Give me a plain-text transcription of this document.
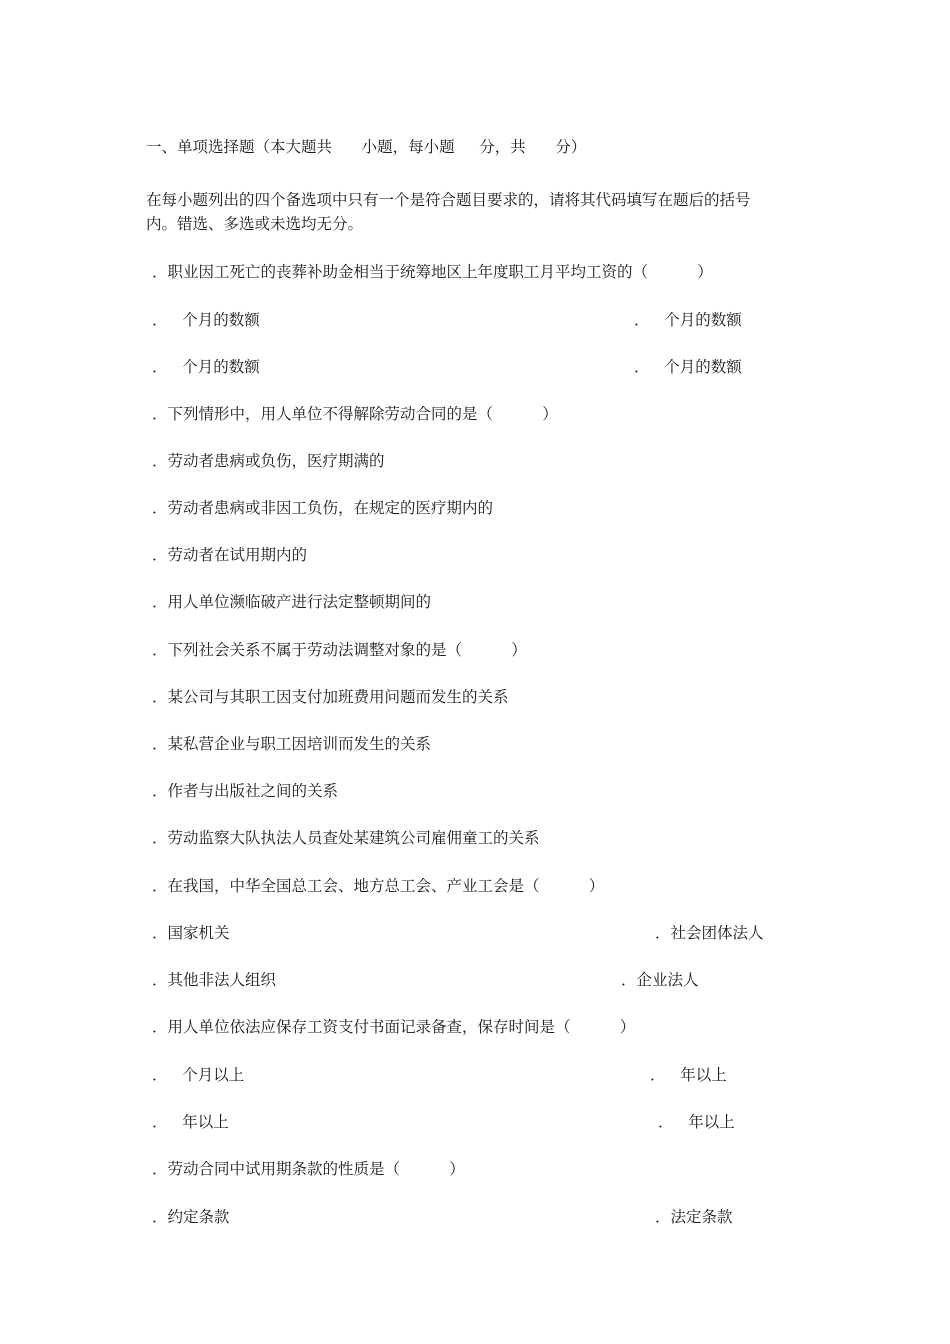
一、单项选择题（本大题共      小题，每小题     分，共      分）
在每小题列出的四个备选项中只有一个是符合题目要求的，请将其代码填写在题后的括号
内。错选、多选或未选均无分。
．职业因工死亡的丧葬补助金相当于统筹地区上年度职工月平均工资的（          ）
．   个月的数额	．   个月的数额
．   个月的数额	．   个月的数额
．下列情形中，用人单位不得解除劳动合同的是（          ）
．劳动者患病或负伤，医疗期满的
．劳动者患病或非因工负伤，在规定的医疗期内的
．劳动者在试用期内的
．用人单位濒临破产进行法定整顿期间的
．下列社会关系不属于劳动法调整对象的是（          ）
．某公司与其职工因支付加班费用问题而发生的关系
．某私营企业与职工因培训而发生的关系
．作者与出版社之间的关系
．劳动监察大队执法人员查处某建筑公司雇佣童工的关系
．在我国，中华全国总工会、地方总工会、产业工会是（          ）
．国家机关	．社会团体法人
．其他非法人组织	．企业法人
．用人单位依法应保存工资支付书面记录备查，保存时间是（          ）
．   个月以上	．   年以上
．   年以上	．   年以上
．劳动合同中试用期条款的性质是（          ）
．约定条款	．法定条款
